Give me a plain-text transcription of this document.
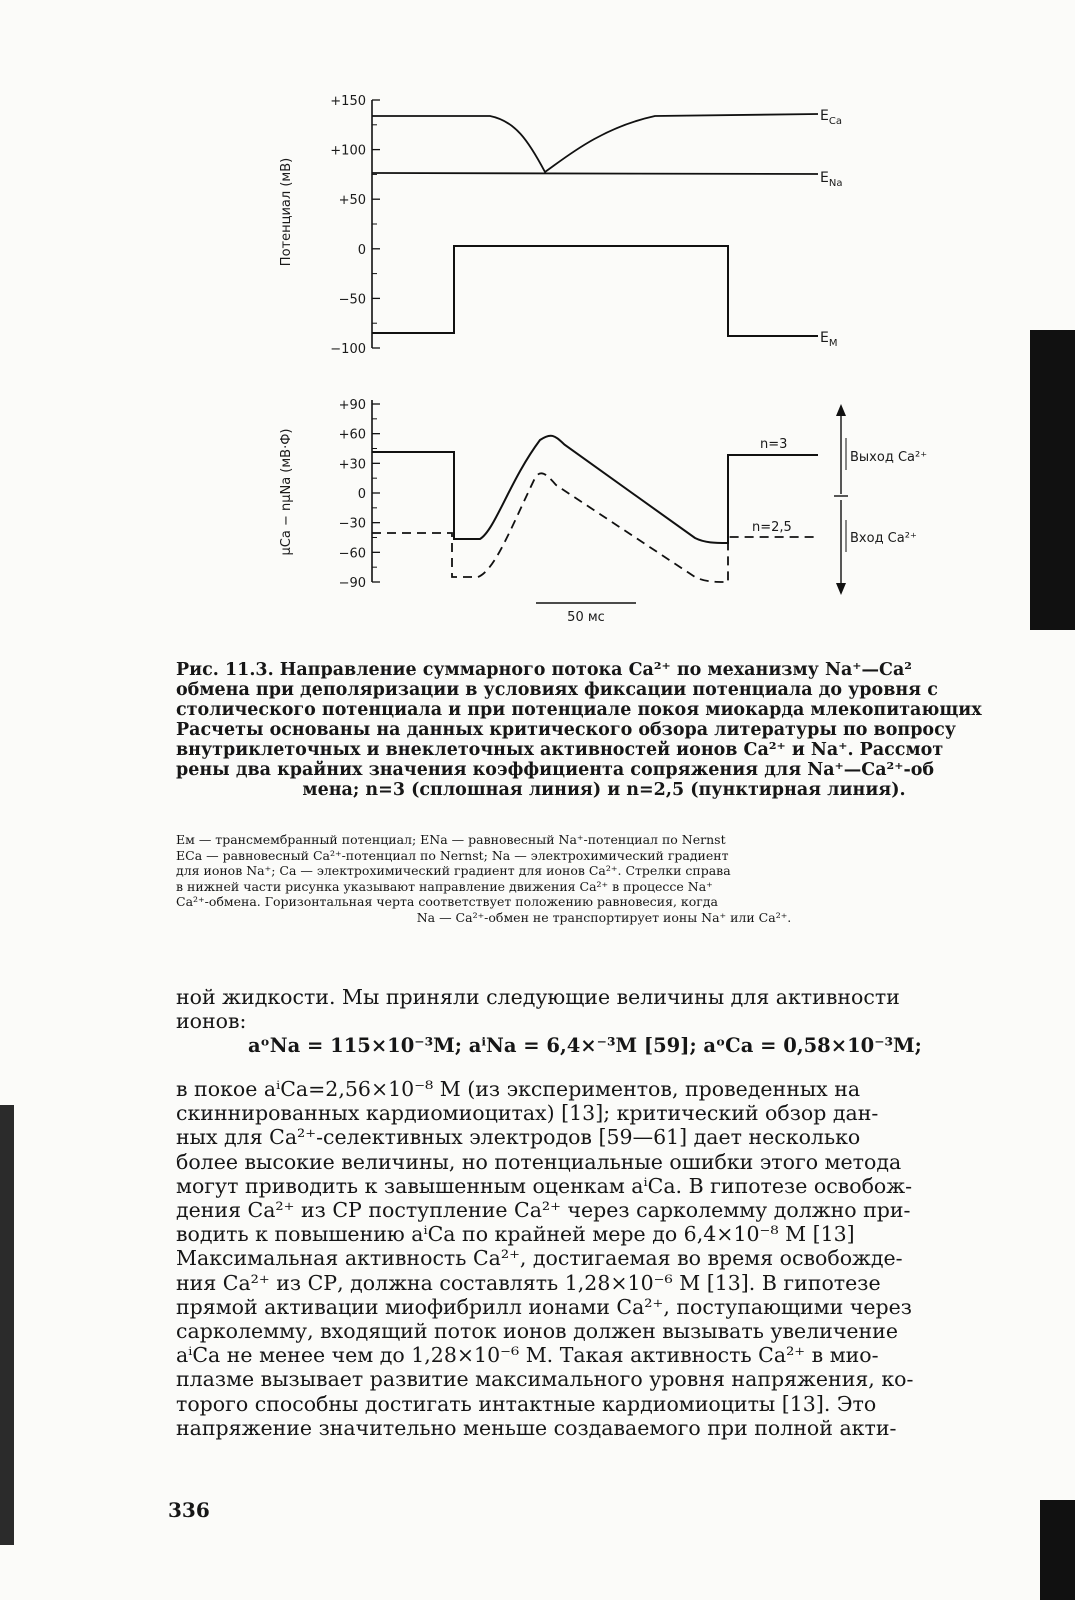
Потенциал (мВ)
+150
+100
+50
0
−50
−100
$E_{Ca}$
$E_{Na}$
$E_M$
μCa − nμNa (мВ·Ф)
+90
+60
+30
0
−30
−60
−90
n=3
n=2,5
Выход Ca²⁺
Вход Ca²⁺
50 мс
Рис. 11.3. Направление суммарного потока Ca²⁺ по механизму Na⁺—Ca²
обмена при деполяризации в условиях фиксации потенциала до уровня с
столического потенциала и при потенциале покоя миокарда млекопитающих
Расчеты основаны на данных критического обзора литературы по вопросу
внутриклеточных и внеклеточных активностей ионов Ca²⁺ и Na⁺. Рассмот
рены два крайних значения коэффициента сопряжения для Na⁺—Ca²⁺-об
мена; n=3 (сплошная линия) и n=2,5 (пунктирная линия).
Eм — трансмембранный потенциал; ENa — равновесный Na⁺-потенциал по Nernst
ECa — равновесный Ca²⁺-потенциал по Nernst; Na — электрохимический градиент
для ионов Na⁺; Ca — электрохимический градиент для ионов Ca²⁺. Стрелки справа
в нижней части рисунка указывают направление движения Ca²⁺ в процессе Na⁺
Ca²⁺-обмена. Горизонтальная черта соответствует положению равновесия, когда
Na — Ca²⁺-обмен не транспортирует ионы Na⁺ или Ca²⁺.
ной жидкости. Мы приняли следующие величины для активности
ионов:
aᵒNa = 115×10⁻³M; aⁱNa = 6,4×⁻³M [59]; aᵒCa = 0,58×10⁻³M;
в покое aⁱCa=2,56×10⁻⁸ M (из экспериментов, проведенных на
скиннированных кардиомиоцитах) [13]; критический обзор дан-
ных для Ca²⁺-селективных электродов [59—61] дает несколько
более высокие величины, но потенциальные ошибки этого метода
могут приводить к завышенным оценкам aⁱCa. В гипотезе освобож-
дения Ca²⁺ из СР поступление Ca²⁺ через сарколемму должно при-
водить к повышению aⁱCa по крайней мере до 6,4×10⁻⁸ M [13]
Максимальная активность Ca²⁺, достигаемая во время освобожде-
ния Ca²⁺ из СР, должна составлять 1,28×10⁻⁶ M [13]. В гипотезе
прямой активации миофибрилл ионами Ca²⁺, поступающими через
сарколемму, входящий поток ионов должен вызывать увеличение
aⁱCa не менее чем до 1,28×10⁻⁶ M. Такая активность Ca²⁺ в мио-
плазме вызывает развитие максимального уровня напряжения, ко-
торого способны достигать интактные кардиомиоциты [13]. Это
напряжение значительно меньше создаваемого при полной акти-
336
